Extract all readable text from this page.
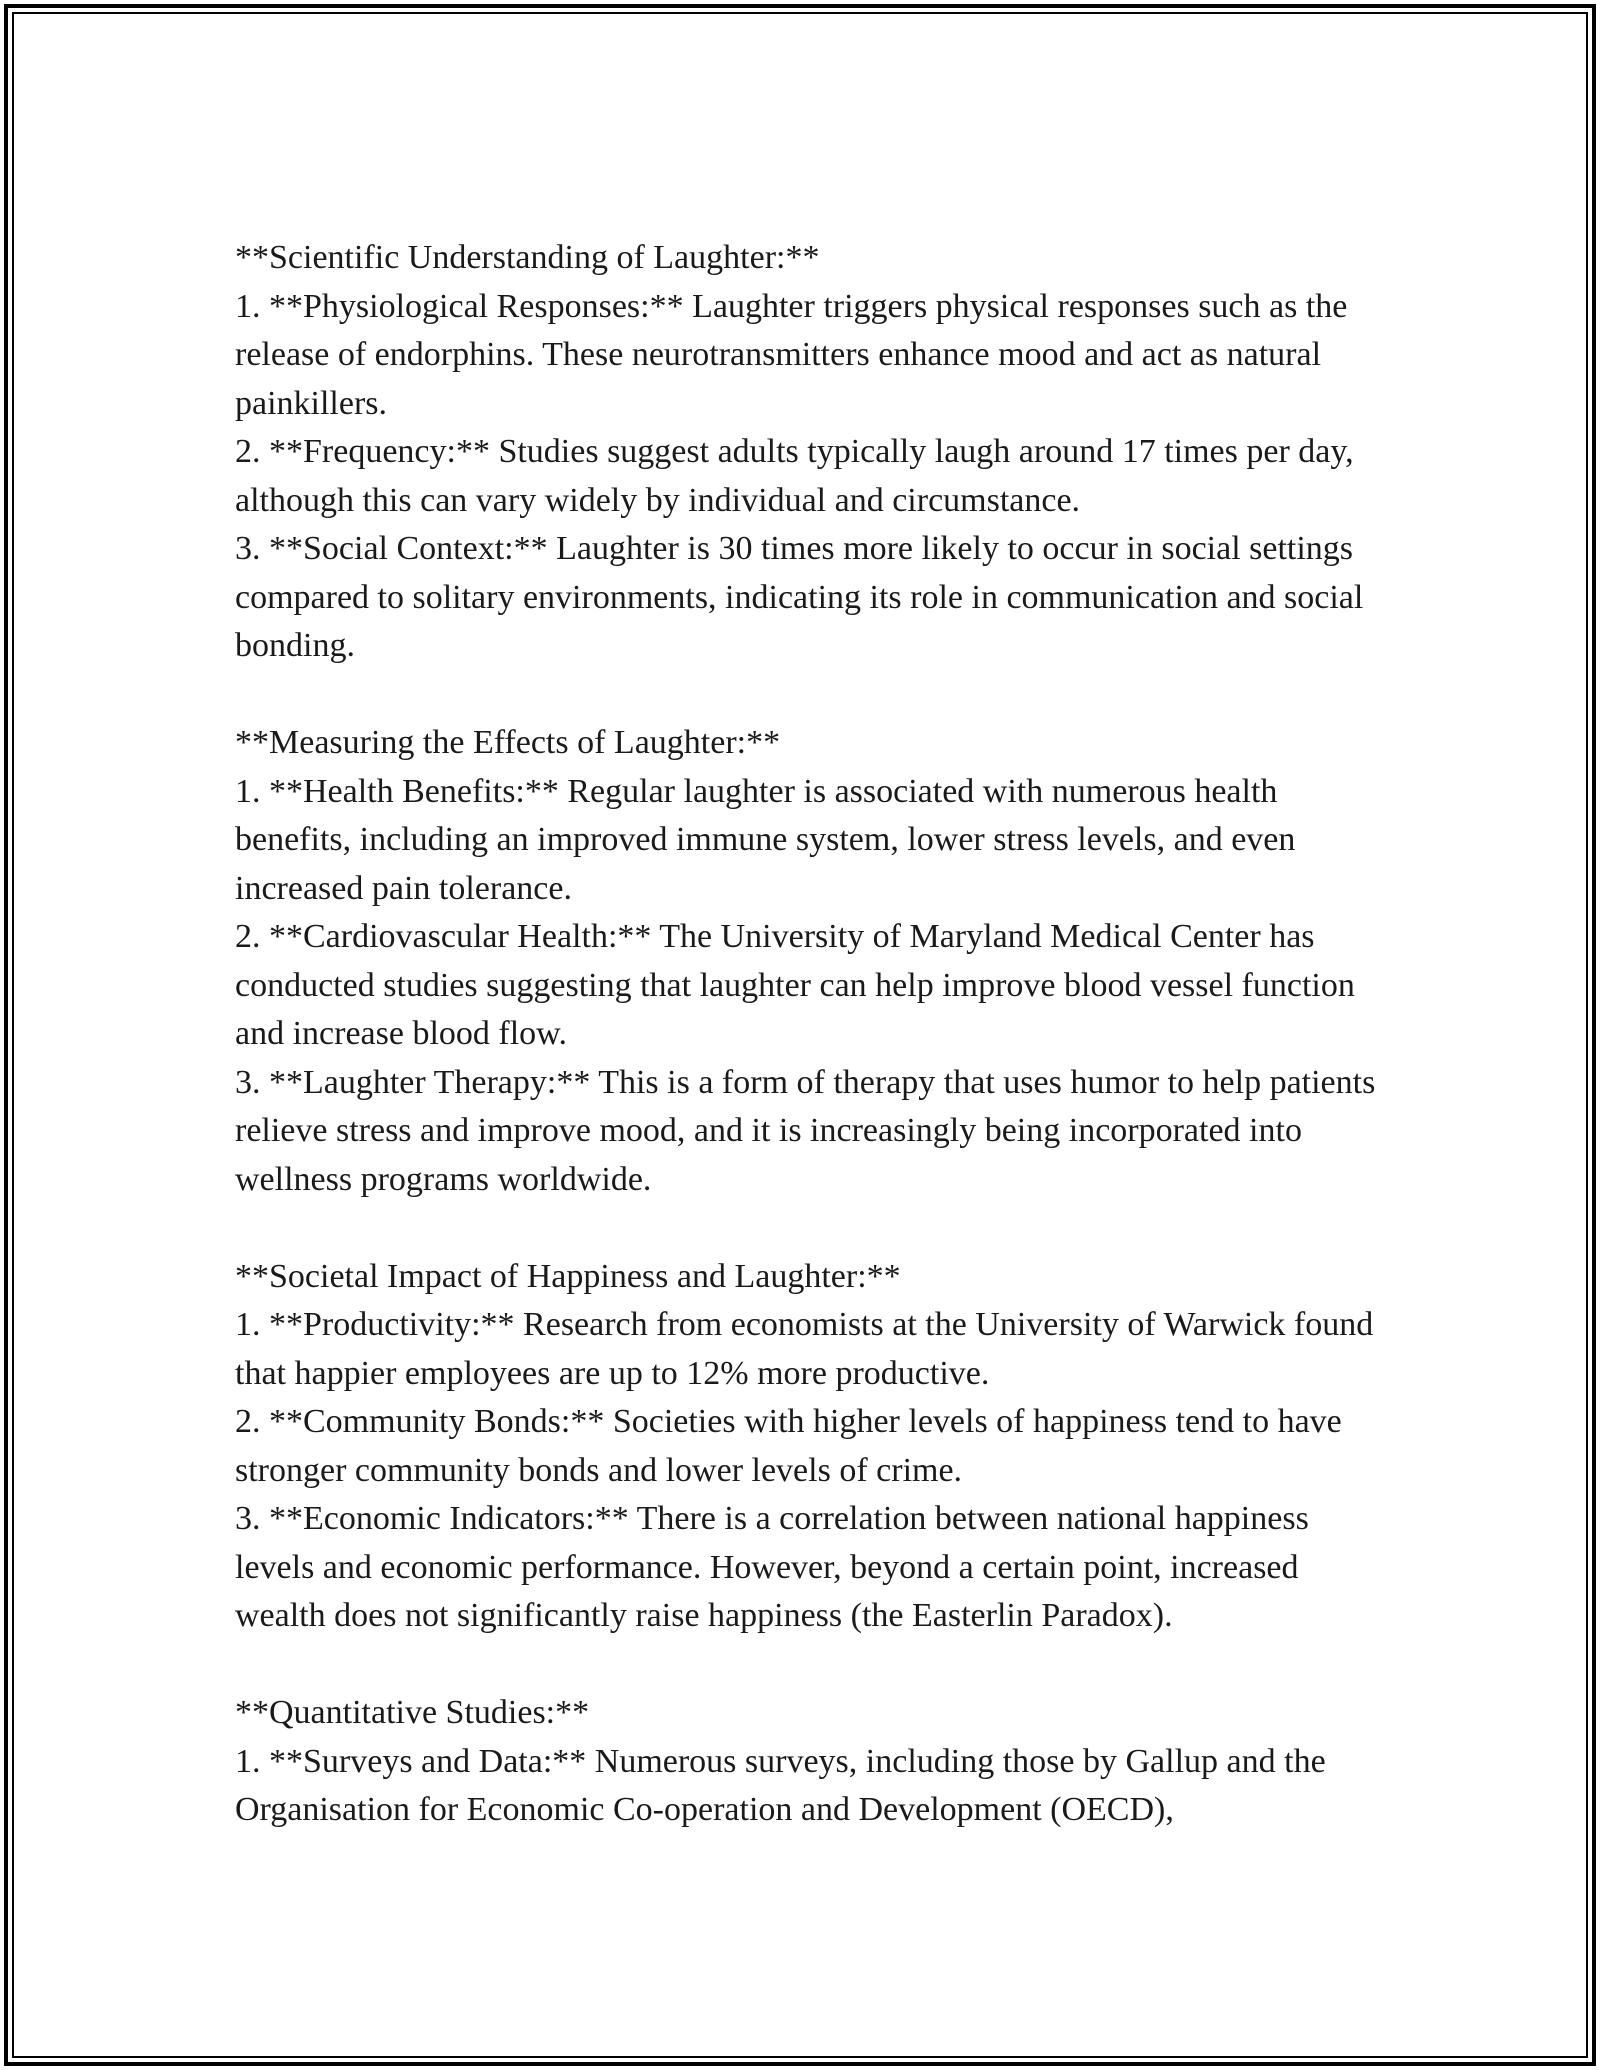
**Scientific Understanding of Laughter:**

1. **Physiological Responses:** Laughter triggers physical responses such as the release of endorphins. These neurotransmitters enhance mood and act as natural painkillers.

2. **Frequency:** Studies suggest adults typically laugh around 17 times per day, although this can vary widely by individual and circumstance.

3. **Social Context:** Laughter is 30 times more likely to occur in social settings compared to solitary environments, indicating its role in communication and social bonding.

**Measuring the Effects of Laughter:**

1. **Health Benefits:** Regular laughter is associated with numerous health benefits, including an improved immune system, lower stress levels, and even increased pain tolerance.

2. **Cardiovascular Health:** The University of Maryland Medical Center has conducted studies suggesting that laughter can help improve blood vessel function and increase blood flow.

3. **Laughter Therapy:** This is a form of therapy that uses humor to help patients relieve stress and improve mood, and it is increasingly being incorporated into wellness programs worldwide.

**Societal Impact of Happiness and Laughter:**

1. **Productivity:** Research from economists at the University of Warwick found that happier employees are up to 12% more productive.

2. **Community Bonds:** Societies with higher levels of happiness tend to have stronger community bonds and lower levels of crime.

3. **Economic Indicators:** There is a correlation between national happiness levels and economic performance. However, beyond a certain point, increased wealth does not significantly raise happiness (the Easterlin Paradox).

**Quantitative Studies:**

1. **Surveys and Data:** Numerous surveys, including those by Gallup and the Organisation for Economic Co-operation and Development (OECD),
